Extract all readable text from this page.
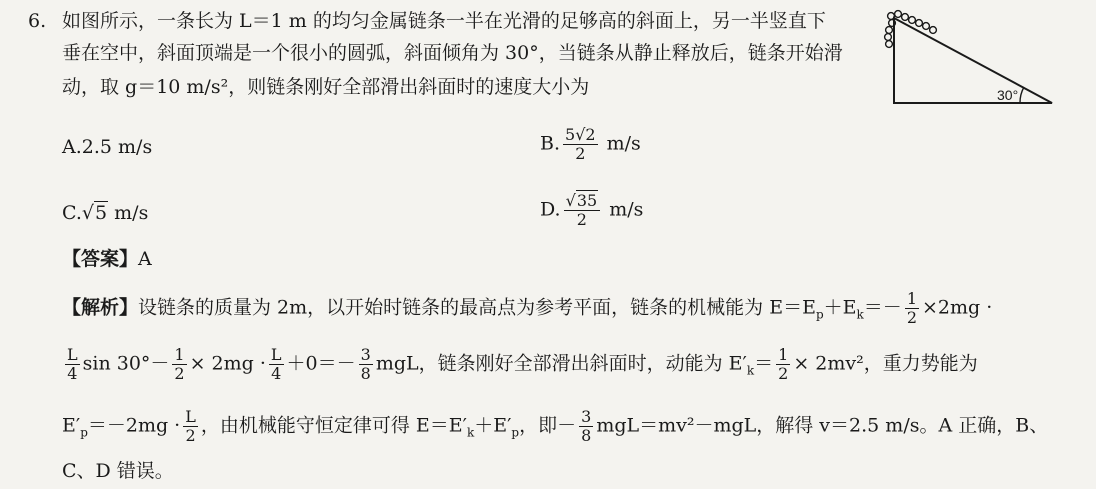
6. 如图所示，一条长为 L＝1 m 的均匀金属链条一半在光滑的足够高的斜面上，另一半竖直下
垂在空中，斜面顶端是一个很小的圆弧，斜面倾角为 30°，当链条从静止释放后，链条开始滑
动，取 g＝10 m/s²，则链条刚好全部滑出斜面时的速度大小为	30°
A.2.5 m/s	B. $\frac{5√2}{2} m/s$
C.√5 m/s	D. $\frac{√35}{2} m/s$
【答案】A
【解析】设链条的质量为 2m，以开始时链条的最高点为参考平面，链条的机械能为 $E=E_p+E_k=- \frac{1}{2} \times 2mg$ ·
$\frac{L}{4}$ $\sin 30^\circ- \frac{1}{2} \times 2mg \cdot \frac{L}{4} +0=- \frac{3}{8}$ mgL，链条刚好全部滑出斜面时，动能为 $E'_k= \frac{1}{2} \times 2mv^2$，重力势能为
$E'_p=-2mg \cdot \frac{L}{2}$ ，由机械能守恒定律可得 $E=E'_k+E'_p$，即－ $\frac{3}{8} mgL=mv^2-mgL$，解得 v＝2.5 m/s。A 正确，B、
C、D 错误。
